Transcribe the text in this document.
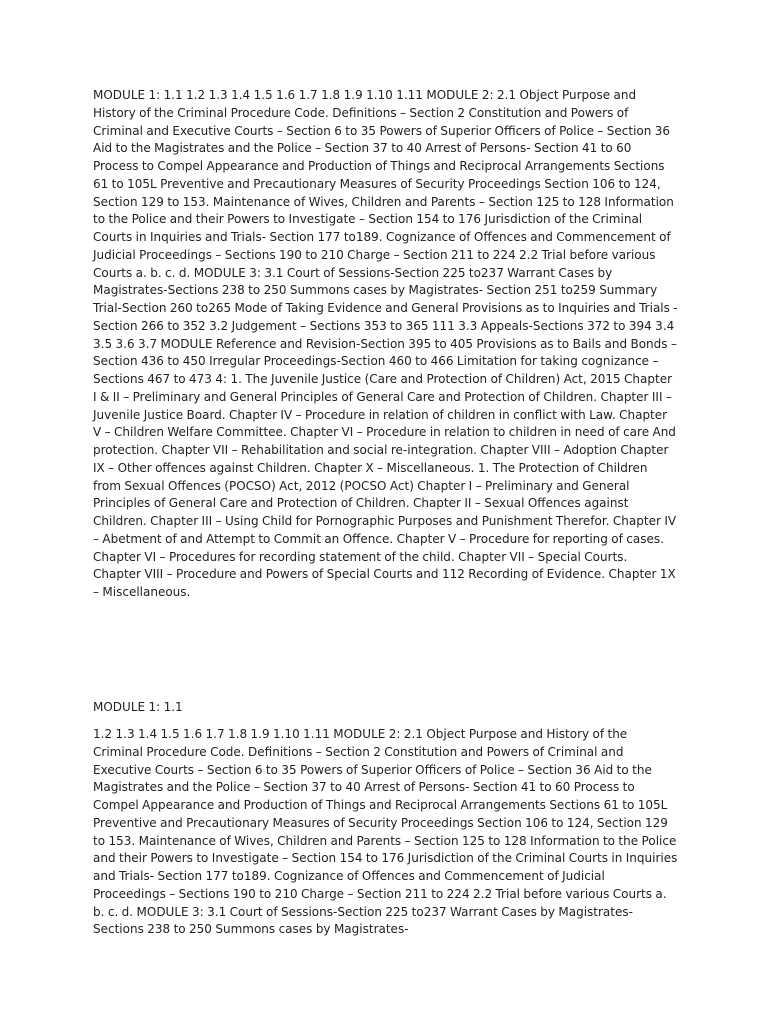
MODULE 1: 1.1 1.2 1.3 1.4 1.5 1.6 1.7 1.8 1.9 1.10 1.11 MODULE 2: 2.1 Object Purpose and History of the Criminal Procedure Code. Definitions – Section 2 Constitution and Powers of Criminal and Executive Courts – Section 6 to 35 Powers of Superior Officers of Police – Section 36 Aid to the Magistrates and the Police – Section 37 to 40 Arrest of Persons- Section 41 to 60 Process to Compel Appearance and Production of Things and Reciprocal Arrangements Sections 61 to 105L Preventive and Precautionary Measures of Security Proceedings Section 106 to 124, Section 129 to 153. Maintenance of Wives, Children and Parents – Section 125 to 128 Information to the Police and their Powers to Investigate – Section 154 to 176 Jurisdiction of the Criminal Courts in Inquiries and Trials- Section 177 to189. Cognizance of Offences and Commencement of Judicial Proceedings – Sections 190 to 210 Charge – Section 211 to 224 2.2 Trial before various Courts a. b. c. d. MODULE 3: 3.1 Court of Sessions-Section 225 to237 Warrant Cases by Magistrates-Sections 238 to 250 Summons cases by Magistrates- Section 251 to259 Summary Trial-Section 260 to265 Mode of Taking Evidence and General Provisions as to Inquiries and Trials - Section 266 to 352 3.2 Judgement – Sections 353 to 365 111 3.3 Appeals-Sections 372 to 394 3.4 3.5 3.6 3.7 MODULE Reference and Revision-Section 395 to 405 Provisions as to Bails and Bonds – Section 436 to 450 Irregular Proceedings-Section 460 to 466 Limitation for taking cognizance –Sections 467 to 473 4: 1. The Juvenile Justice (Care and Protection of Children) Act, 2015 Chapter I & II – Preliminary and General Principles of General Care and Protection of Children. Chapter III – Juvenile Justice Board. Chapter IV – Procedure in relation of children in conflict with Law. Chapter V – Children Welfare Committee. Chapter VI – Procedure in relation to children in need of care And protection. Chapter VII – Rehabilitation and social re-integration. Chapter VIII – Adoption Chapter IX – Other offences against Children. Chapter X – Miscellaneous. 1. The Protection of Children from Sexual Offences (POCSO) Act, 2012 (POCSO Act) Chapter I – Preliminary and General Principles of General Care and Protection of Children. Chapter II – Sexual Offences against Children. Chapter III – Using Child for Pornographic Purposes and Punishment Therefor. Chapter IV – Abetment of and Attempt to Commit an Offence. Chapter V – Procedure for reporting of cases. Chapter VI – Procedures for recording statement of the child. Chapter VII – Special Courts. Chapter VIII – Procedure and Powers of Special Courts and 112 Recording of Evidence. Chapter 1X – Miscellaneous.

MODULE 1: 1.1

1.2 1.3 1.4 1.5 1.6 1.7 1.8 1.9 1.10 1.11 MODULE 2: 2.1 Object Purpose and History of the Criminal Procedure Code. Definitions – Section 2 Constitution and Powers of Criminal and Executive Courts – Section 6 to 35 Powers of Superior Officers of Police – Section 36 Aid to the Magistrates and the Police – Section 37 to 40 Arrest of Persons- Section 41 to 60 Process to Compel Appearance and Production of Things and Reciprocal Arrangements Sections 61 to 105L Preventive and Precautionary Measures of Security Proceedings Section 106 to 124, Section 129 to 153. Maintenance of Wives, Children and Parents – Section 125 to 128 Information to the Police and their Powers to Investigate – Section 154 to 176 Jurisdiction of the Criminal Courts in Inquiries and Trials- Section 177 to189. Cognizance of Offences and Commencement of Judicial Proceedings – Sections 190 to 210 Charge – Section 211 to 224 2.2 Trial before various Courts a. b. c. d. MODULE 3: 3.1 Court of Sessions-Section 225 to237 Warrant Cases by Magistrates-Sections 238 to 250 Summons cases by Magistrates-
